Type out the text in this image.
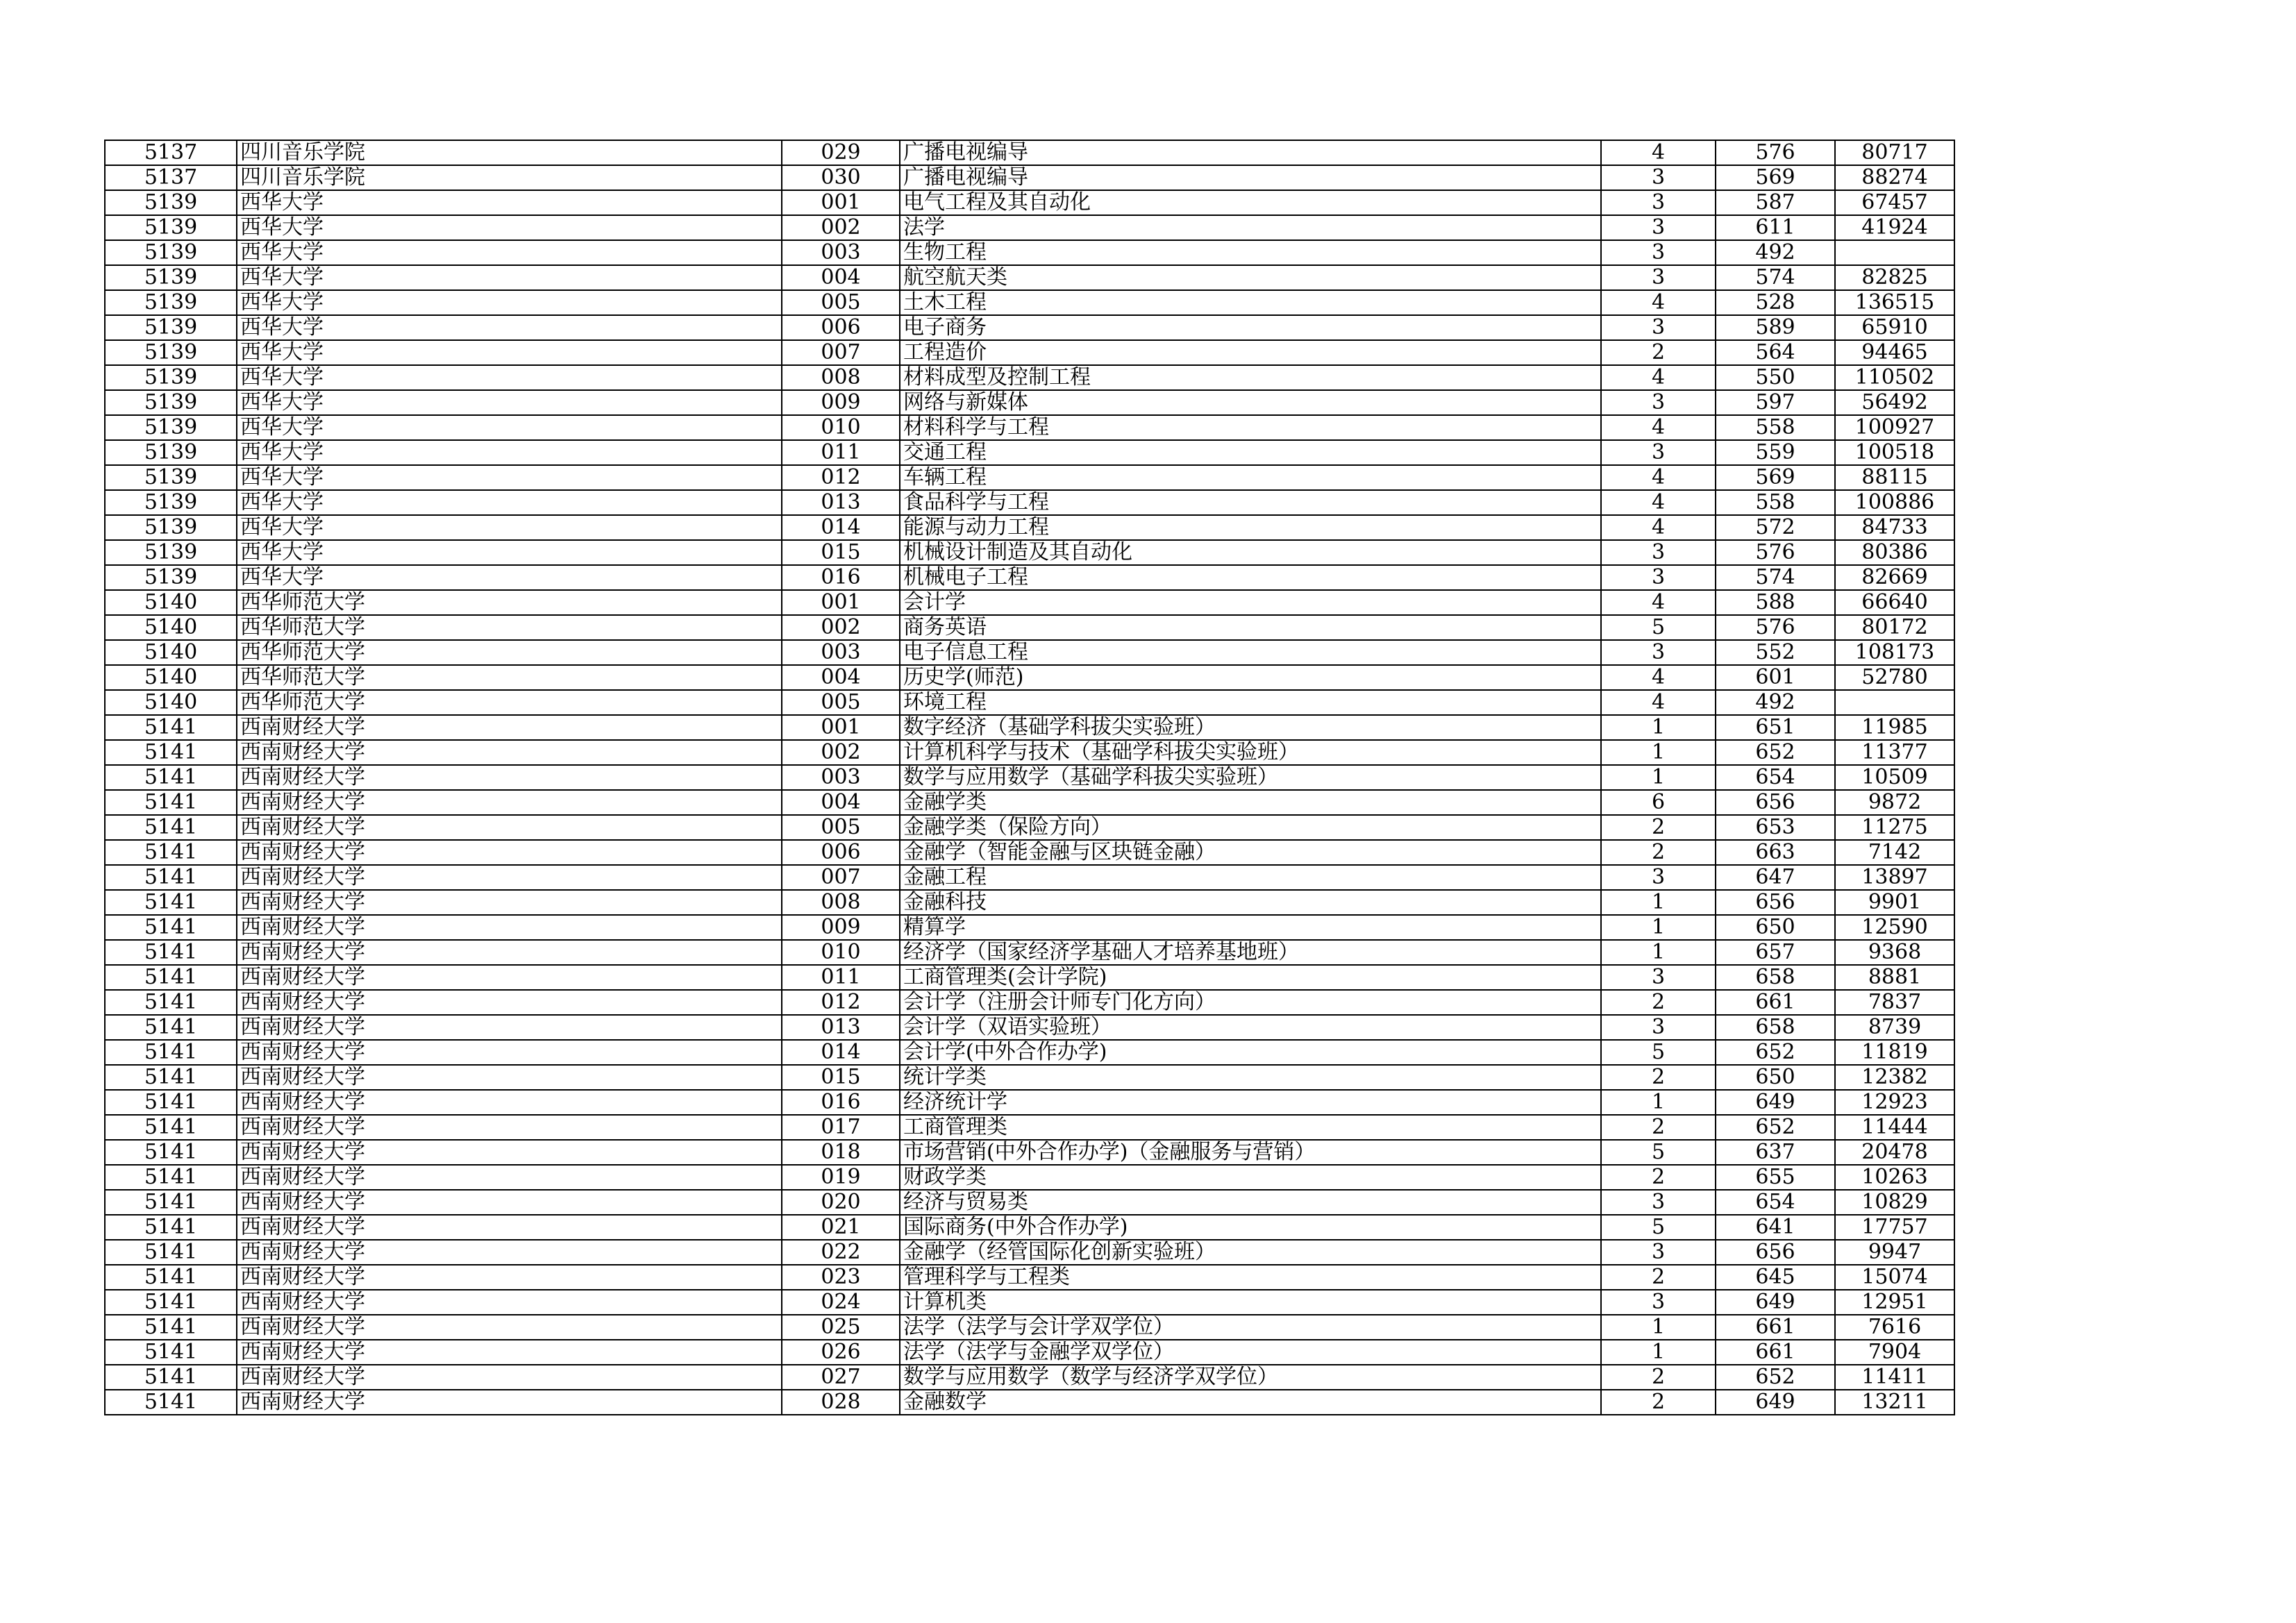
5137	四川音乐学院	029	广播电视编导	4	576	80717
5137	四川音乐学院	030	广播电视编导	3	569	88274
5139	西华大学	001	电气工程及其自动化	3	587	67457
5139	西华大学	002	法学	3	611	41924
5139	西华大学	003	生物工程	3	492	
5139	西华大学	004	航空航天类	3	574	82825
5139	西华大学	005	土木工程	4	528	136515
5139	西华大学	006	电子商务	3	589	65910
5139	西华大学	007	工程造价	2	564	94465
5139	西华大学	008	材料成型及控制工程	4	550	110502
5139	西华大学	009	网络与新媒体	3	597	56492
5139	西华大学	010	材料科学与工程	4	558	100927
5139	西华大学	011	交通工程	3	559	100518
5139	西华大学	012	车辆工程	4	569	88115
5139	西华大学	013	食品科学与工程	4	558	100886
5139	西华大学	014	能源与动力工程	4	572	84733
5139	西华大学	015	机械设计制造及其自动化	3	576	80386
5139	西华大学	016	机械电子工程	3	574	82669
5140	西华师范大学	001	会计学	4	588	66640
5140	西华师范大学	002	商务英语	5	576	80172
5140	西华师范大学	003	电子信息工程	3	552	108173
5140	西华师范大学	004	历史学(师范)	4	601	52780
5140	西华师范大学	005	环境工程	4	492	
5141	西南财经大学	001	数字经济（基础学科拔尖实验班）	1	651	11985
5141	西南财经大学	002	计算机科学与技术（基础学科拔尖实验班）	1	652	11377
5141	西南财经大学	003	数学与应用数学（基础学科拔尖实验班）	1	654	10509
5141	西南财经大学	004	金融学类	6	656	9872
5141	西南财经大学	005	金融学类（保险方向）	2	653	11275
5141	西南财经大学	006	金融学（智能金融与区块链金融）	2	663	7142
5141	西南财经大学	007	金融工程	3	647	13897
5141	西南财经大学	008	金融科技	1	656	9901
5141	西南财经大学	009	精算学	1	650	12590
5141	西南财经大学	010	经济学（国家经济学基础人才培养基地班）	1	657	9368
5141	西南财经大学	011	工商管理类(会计学院)	3	658	8881
5141	西南财经大学	012	会计学（注册会计师专门化方向）	2	661	7837
5141	西南财经大学	013	会计学（双语实验班）	3	658	8739
5141	西南财经大学	014	会计学(中外合作办学)	5	652	11819
5141	西南财经大学	015	统计学类	2	650	12382
5141	西南财经大学	016	经济统计学	1	649	12923
5141	西南财经大学	017	工商管理类	2	652	11444
5141	西南财经大学	018	市场营销(中外合作办学)（金融服务与营销）	5	637	20478
5141	西南财经大学	019	财政学类	2	655	10263
5141	西南财经大学	020	经济与贸易类	3	654	10829
5141	西南财经大学	021	国际商务(中外合作办学)	5	641	17757
5141	西南财经大学	022	金融学（经管国际化创新实验班）	3	656	9947
5141	西南财经大学	023	管理科学与工程类	2	645	15074
5141	西南财经大学	024	计算机类	3	649	12951
5141	西南财经大学	025	法学（法学与会计学双学位）	1	661	7616
5141	西南财经大学	026	法学（法学与金融学双学位）	1	661	7904
5141	西南财经大学	027	数学与应用数学（数学与经济学双学位）	2	652	11411
5141	西南财经大学	028	金融数学	2	649	13211
